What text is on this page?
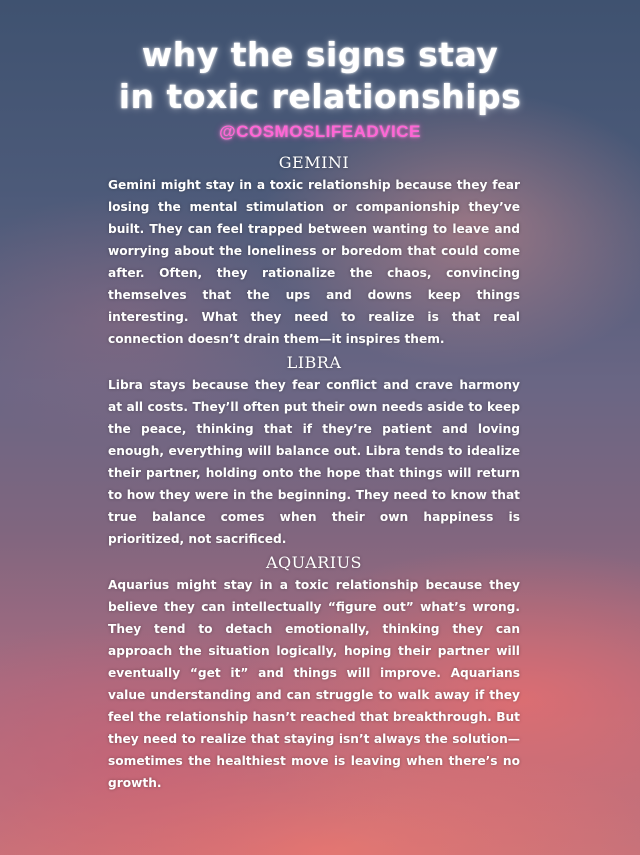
why the signs stay
in toxic relationships
@COSMOSLIFEADVICE
GEMINI

Gemini might stay in a toxic relationship because they fear losing the mental stimulation or companionship they’ve built. They can feel trapped between wanting to leave and worrying about the loneliness or boredom that could come after. Often, they rationalize the chaos, convincing themselves that the ups and downs keep things interesting. What they need to realize is that real connection doesn’t drain them—it inspires them.

LIBRA

Libra stays because they fear conflict and crave harmony at all costs. They’ll often put their own needs aside to keep the peace, thinking that if they’re patient and loving enough, everything will balance out. Libra tends to idealize their partner, holding onto the hope that things will return to how they were in the beginning. They need to know that true balance comes when their own happiness is prioritized, not sacrificed.

AQUARIUS

Aquarius might stay in a toxic relationship because they believe they can intellectually “figure out” what’s wrong. They tend to detach emotionally, thinking they can approach the situation logically, hoping their partner will eventually “get it” and things will improve. Aquarians value understanding and can struggle to walk away if they feel the relationship hasn’t reached that breakthrough. But they need to realize that staying isn’t always the solution—sometimes the healthiest move is leaving when there’s no growth.
